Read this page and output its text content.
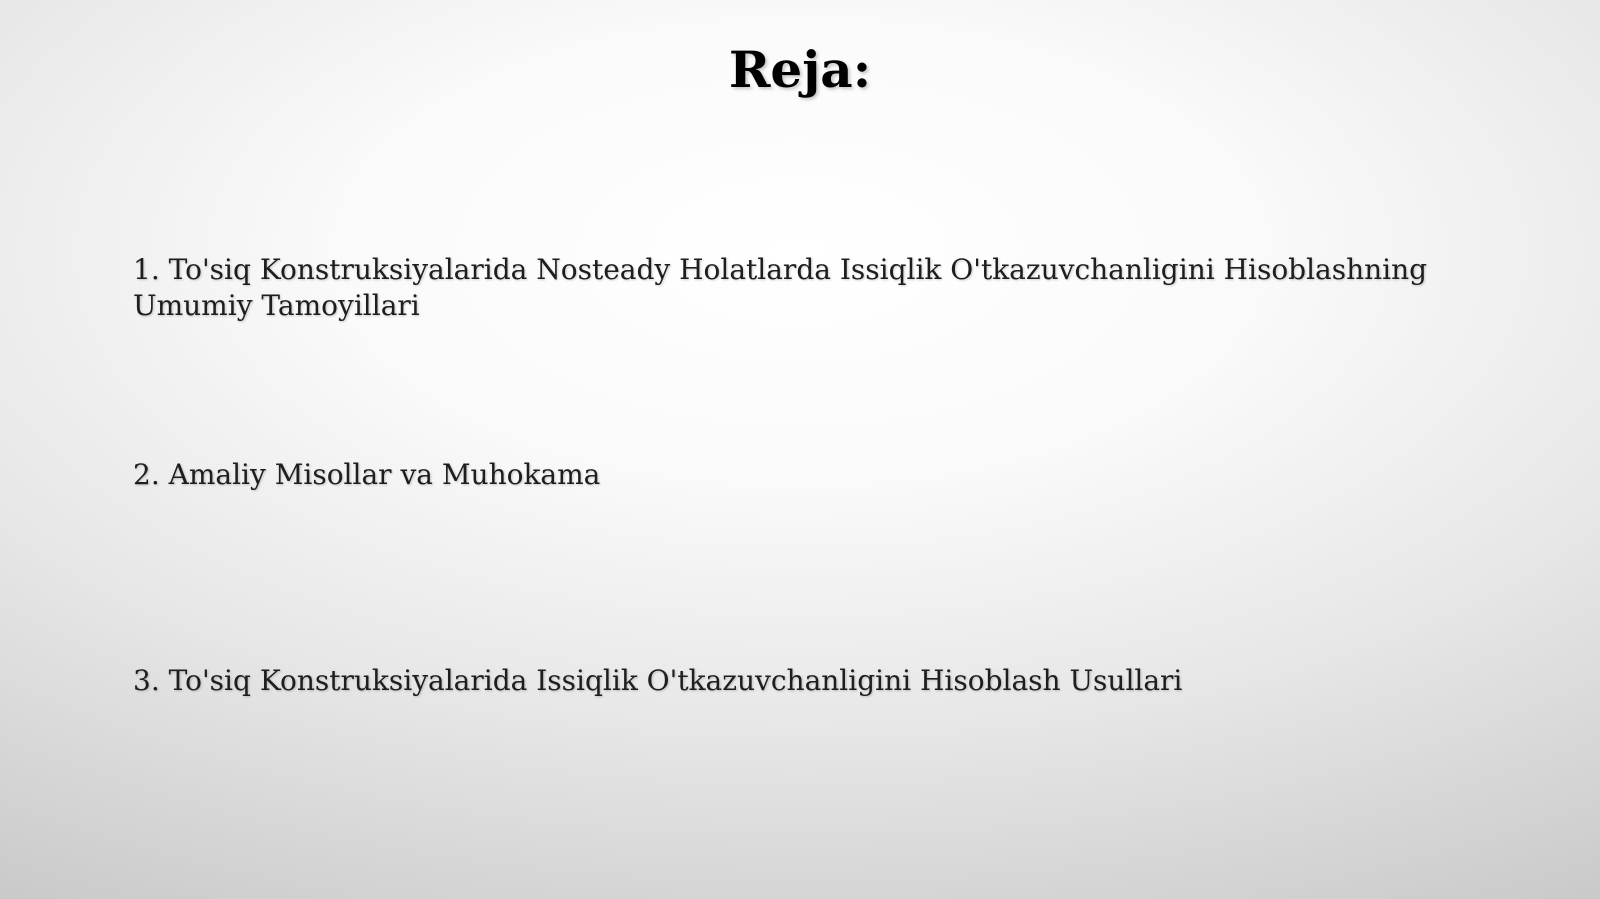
Reja:

1. To'siq Konstruksiyalarida Nosteady Holatlarda Issiqlik O'tkazuvchanligini Hisoblashning Umumiy Tamoyillari

2. Amaliy Misollar va Muhokama

3. To'siq Konstruksiyalarida Issiqlik O'tkazuvchanligini Hisoblash Usullari
